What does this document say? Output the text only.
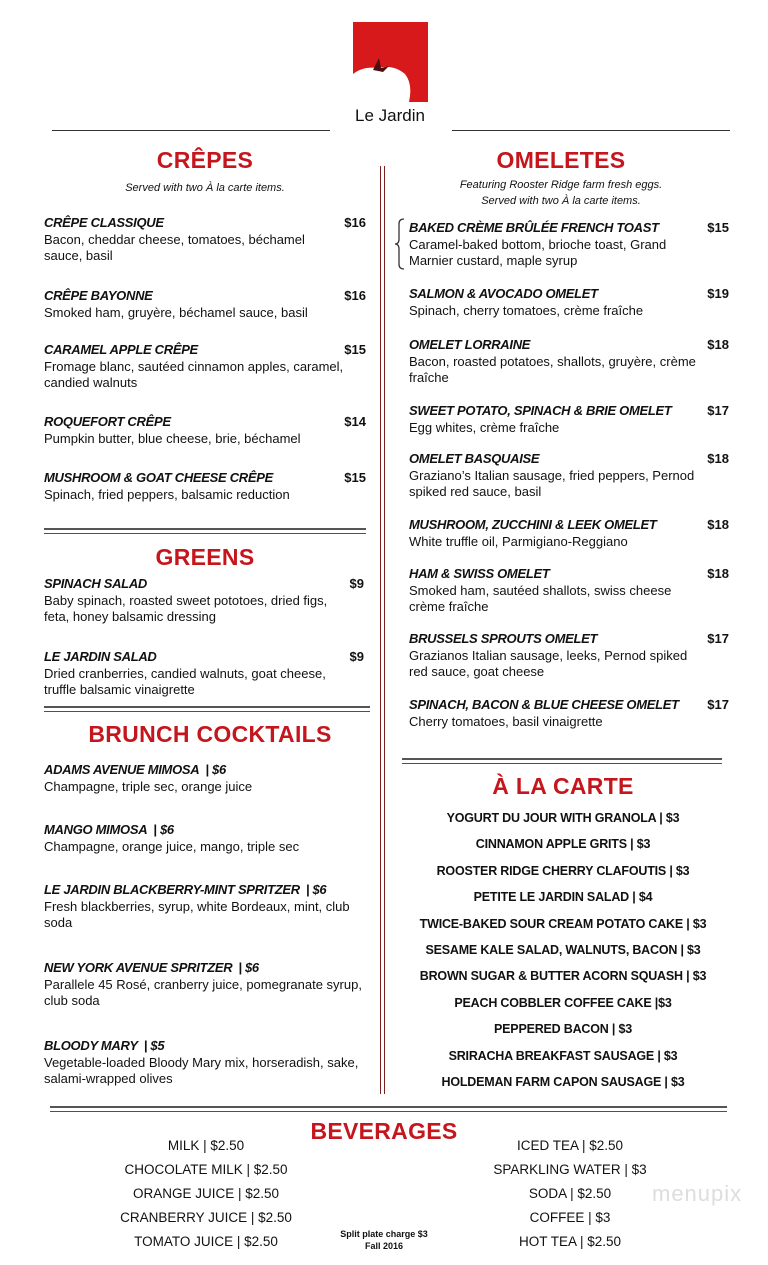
Le Jardin
CRÊPES
Served with two À la carte items.
GREENS
BRUNCH COCKTAILS
OMELETES
Featuring Rooster Ridge farm fresh eggs.
Served with two À la carte items.
À LA CARTE
BEVERAGES
Split plate charge $3
Fall 2016
menupix
CRÊPE CLASSIQUE	$16
Bacon, cheddar cheese, tomatoes, béchamel sauce, basil
CRÊPE BAYONNE	$16
Smoked ham, gruyère, béchamel sauce, basil
CARAMEL APPLE CRÊPE	$15
Fromage blanc, sautéed cinnamon apples, caramel, candied walnuts
ROQUEFORT CRÊPE	$14
Pumpkin butter, blue cheese, brie, béchamel
MUSHROOM & GOAT CHEESE CRÊPE	$15
Spinach, fried peppers, balsamic reduction
SPINACH SALAD	$9
Baby spinach, roasted sweet pototoes, dried figs, feta, honey balsamic dressing
LE JARDIN SALAD	$9
Dried cranberries, candied walnuts, goat cheese, truffle balsamic vinaigrette
ADAMS AVENUE MIMOSA | $6
Champagne, triple sec, orange juice
MANGO MIMOSA | $6
Champagne, orange juice, mango, triple sec
LE JARDIN BLACKBERRY-MINT SPRITZER | $6
Fresh blackberries, syrup, white Bordeaux, mint, club soda
NEW YORK AVENUE SPRITZER | $6
Parallele 45 Rosé, cranberry juice, pomegranate syrup, club soda
BLOODY MARY | $5
Vegetable-loaded Bloody Mary mix, horseradish, sake, salami-wrapped olives
BAKED CRÈME BRÛLÉE FRENCH TOAST	$15
Caramel-baked bottom, brioche toast, Grand Marnier custard, maple syrup
SALMON & AVOCADO OMELET	$19
Spinach, cherry tomatoes, crème fraîche
OMELET LORRAINE	$18
Bacon, roasted potatoes, shallots, gruyère, crème fraîche
SWEET POTATO, SPINACH & BRIE OMELET	$17
Egg whites, crème fraîche
OMELET BASQUAISE	$18
Graziano’s Italian sausage, fried peppers, Pernod spiked red sauce, basil
MUSHROOM, ZUCCHINI & LEEK OMELET	$18
White truffle oil, Parmigiano-Reggiano
HAM & SWISS OMELET	$18
Smoked ham, sautéed shallots, swiss cheese crème fraîche
BRUSSELS SPROUTS OMELET	$17
Grazianos Italian sausage, leeks, Pernod spiked red sauce, goat cheese
SPINACH, BACON & BLUE CHEESE OMELET	$17
Cherry tomatoes, basil vinaigrette
YOGURT DU JOUR WITH GRANOLA | $3
CINNAMON APPLE GRITS | $3
ROOSTER RIDGE CHERRY CLAFOUTIS | $3
PETITE LE JARDIN SALAD | $4
TWICE-BAKED SOUR CREAM POTATO CAKE | $3
SESAME KALE SALAD, WALNUTS, BACON | $3
BROWN SUGAR & BUTTER ACORN SQUASH | $3
PEACH COBBLER COFFEE CAKE |$3
PEPPERED BACON | $3
SRIRACHA BREAKFAST SAUSAGE | $3
HOLDEMAN FARM CAPON SAUSAGE | $3
MILK | $2.50
CHOCOLATE MILK | $2.50
ORANGE JUICE | $2.50
CRANBERRY JUICE | $2.50
TOMATO JUICE | $2.50
ICED TEA | $2.50
SPARKLING WATER | $3
SODA | $2.50
COFFEE | $3
HOT TEA | $2.50
